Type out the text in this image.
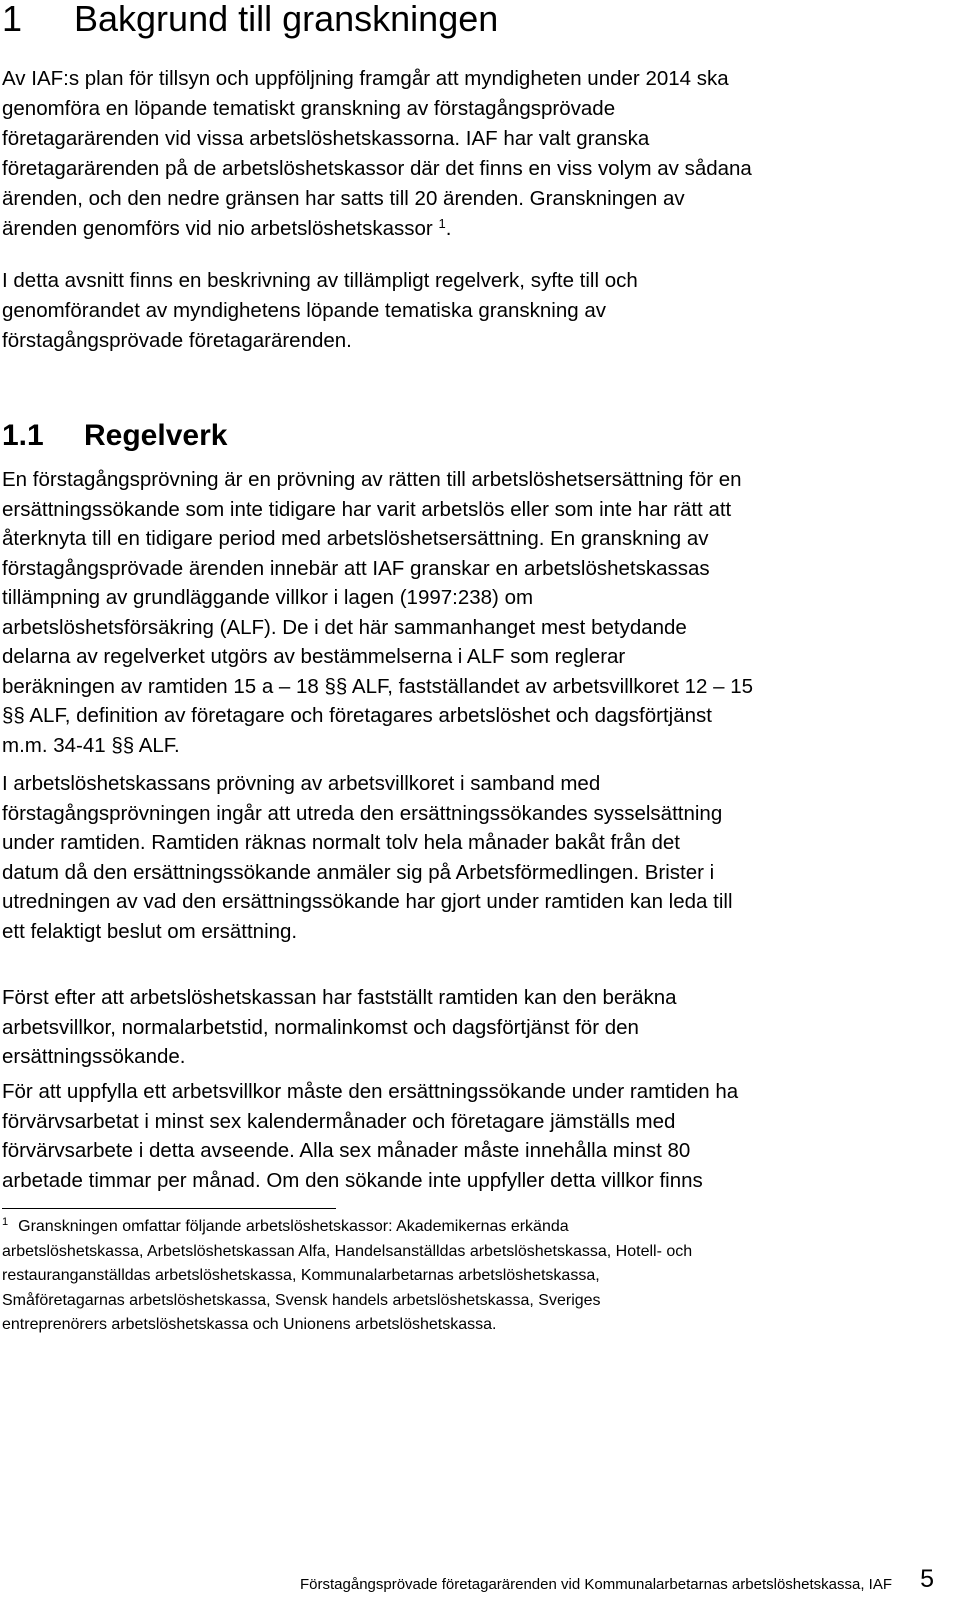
1 Bakgrund till granskningen
Av IAF:s plan för tillsyn och uppföljning framgår att myndigheten under 2014 ska
genomföra en löpande tematiskt granskning av förstagångsprövade
företagarärenden vid vissa arbetslöshetskassorna. IAF har valt granska
företagarärenden på de arbetslöshetskassor där det finns en viss volym av sådana
ärenden, och den nedre gränsen har satts till 20 ärenden. Granskningen av
ärenden genomförs vid nio arbetslöshetskassor $^1$.
I detta avsnitt finns en beskrivning av tillämpligt regelverk, syfte till och
genomförandet av myndighetens löpande tematiska granskning av
förstagångsprövade företagarärenden.
1.1 Regelverk
En förstagångsprövning är en prövning av rätten till arbetslöshetsersättning för en
ersättningssökande som inte tidigare har varit arbetslös eller som inte har rätt att
återknyta till en tidigare period med arbetslöshetsersättning. En granskning av
förstagångsprövade ärenden innebär att IAF granskar en arbetslöshetskassas
tillämpning av grundläggande villkor i lagen (1997:238) om
arbetslöshetsförsäkring (ALF). De i det här sammanhanget mest betydande
delarna av regelverket utgörs av bestämmelserna i ALF som reglerar
beräkningen av ramtiden 15 a – 18 §§ ALF, fastställandet av arbetsvillkoret 12 – 15
§§ ALF, definition av företagare och företagares arbetslöshet och dagsförtjänst
m.m. 34-41 §§ ALF.
I arbetslöshetskassans prövning av arbetsvillkoret i samband med
förstagångsprövningen ingår att utreda den ersättningssökandes sysselsättning
under ramtiden. Ramtiden räknas normalt tolv hela månader bakåt från det
datum då den ersättningssökande anmäler sig på Arbetsförmedlingen. Brister i
utredningen av vad den ersättningssökande har gjort under ramtiden kan leda till
ett felaktigt beslut om ersättning.
Först efter att arbetslöshetskassan har fastställt ramtiden kan den beräkna
arbetsvillkor, normalarbetstid, normalinkomst och dagsförtjänst för den
ersättningssökande.
För att uppfylla ett arbetsvillkor måste den ersättningssökande under ramtiden ha
förvärvsarbetat i minst sex kalendermånader och företagare jämställs med
förvärvsarbete i detta avseende. Alla sex månader måste innehålla minst 80
arbetade timmar per månad. Om den sökande inte uppfyller detta villkor finns
$^1$ Granskningen omfattar följande arbetslöshetskassor: Akademikernas erkända
arbetslöshetskassa, Arbetslöshetskassan Alfa, Handelsanställdas arbetslöshetskassa, Hotell- och
restauranganställdas arbetslöshetskassa, Kommunalarbetarnas arbetslöshetskassa,
Småföretagarnas arbetslöshetskassa, Svensk handels arbetslöshetskassa, Sveriges
entreprenörers arbetslöshetskassa och Unionens arbetslöshetskassa.
Förstagångsprövade företagarärenden vid Kommunalarbetarnas arbetslöshetskassa, IAF	5
